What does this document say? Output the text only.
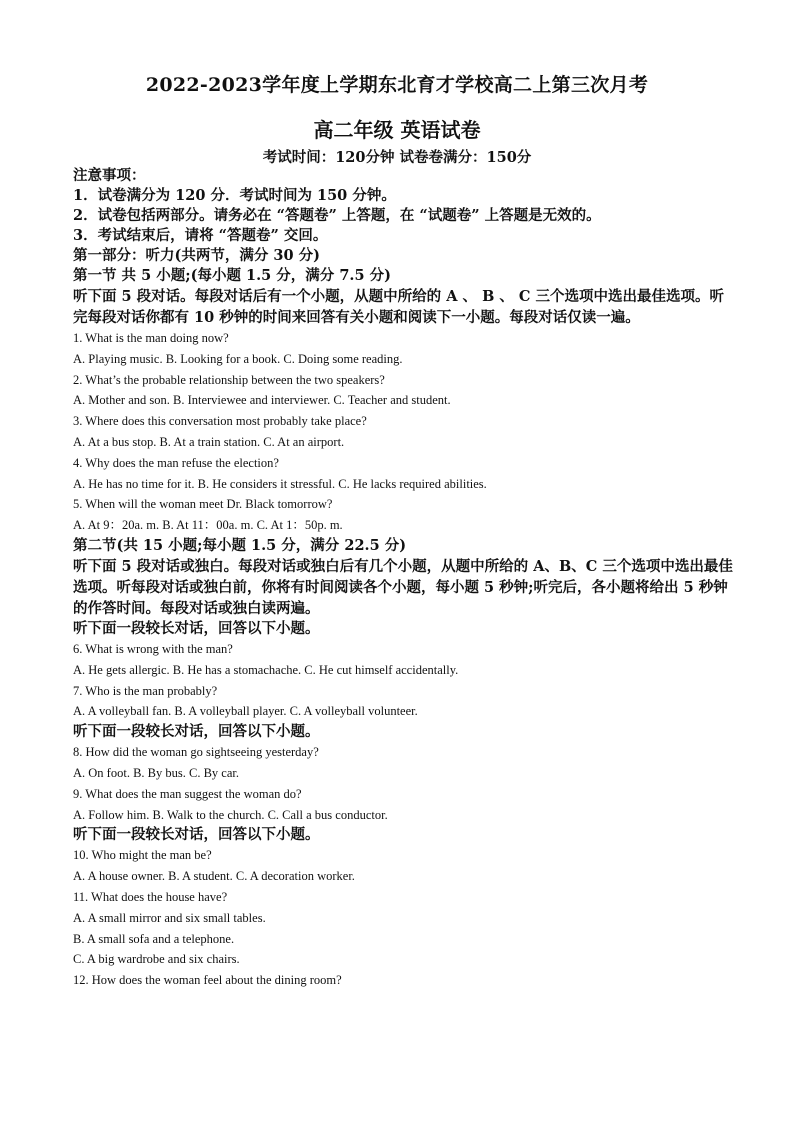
2022-2023学年度上学期东北育才学校高二上第三次月考
高二年级 英语试卷
考试时间：120分钟 试卷卷满分：150分
注意事项：
1．试卷满分为 120 分．考试时间为 150 分钟。
2．试卷包括两部分。请务必在 “答题卷” 上答题，在 “试题卷” 上答题是无效的。
3．考试结束后，请将 “答题卷” 交回。
第一部分：听力(共两节，满分 30 分)
第一节 共 5 小题;(每小题 1.5 分，满分 7.5 分)
听下面 5 段对话。每段对话后有一个小题，从题中所给的 A 、 B 、 C 三个选项中选出最佳选项。听完每段对话你都有 10 秒钟的时间来回答有关小题和阅读下一小题。每段对话仅读一遍。
1. What is the man doing now?
A. Playing music. B. Looking for a book. C. Doing some reading.
2. What’s the probable relationship between the two speakers?
A. Mother and son. B. Interviewee and interviewer. C. Teacher and student.
3. Where does this conversation most probably take place?
A. At a bus stop. B. At a train station. C. At an airport.
4. Why does the man refuse the election?
A. He has no time for it. B. He considers it stressful. C. He lacks required abilities.
5. When will the woman meet Dr. Black tomorrow?
A. At 9：20a. m. B. At 11：00a. m. C. At 1：50p. m.
第二节(共 15 小题;每小题 1.5 分，满分 22.5 分)
听下面 5 段对话或独白。每段对话或独白后有几个小题，从题中所给的 A、B、C 三个选项中选出最佳选项。听每段对话或独白前，你将有时间阅读各个小题，每小题 5 秒钟;听完后，各小题将给出 5 秒钟的作答时间。每段对话或独白读两遍。
听下面一段较长对话，回答以下小题。
6. What is wrong with the man?
A. He gets allergic. B. He has a stomachache. C. He cut himself accidentally.
7. Who is the man probably?
A. A volleyball fan. B. A volleyball player. C. A volleyball volunteer.
听下面一段较长对话，回答以下小题。
8. How did the woman go sightseeing yesterday?
A. On foot. B. By bus. C. By car.
9. What does the man suggest the woman do?
A. Follow him. B. Walk to the church. C. Call a bus conductor.
听下面一段较长对话，回答以下小题。
10. Who might the man be?
A. A house owner. B. A student. C. A decoration worker.
11. What does the house have?
A. A small mirror and six small tables.
B. A small sofa and a telephone.
C. A big wardrobe and six chairs.
12. How does the woman feel about the dining room?
